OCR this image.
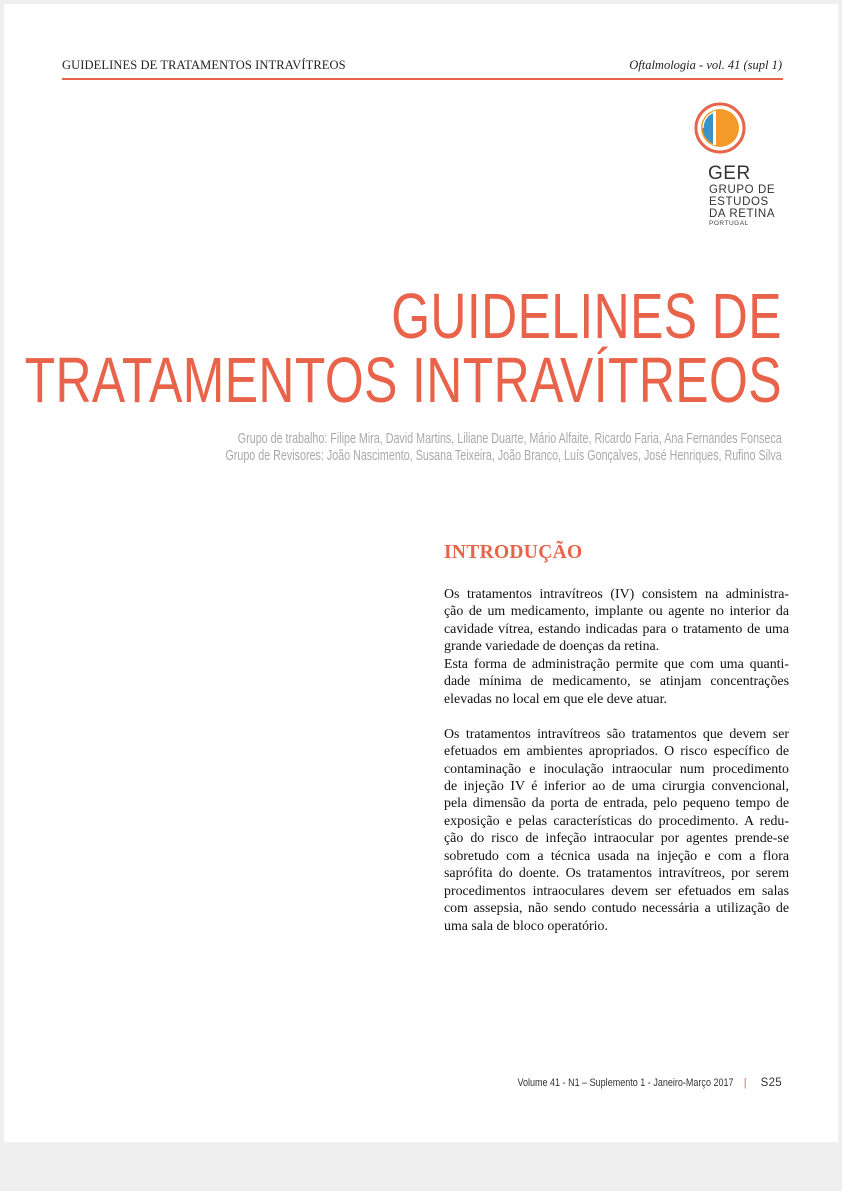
GUIDELINES DE TRATAMENTOS INTRAVÍTREOS	Oftalmologia - vol. 41 (supl 1)
GER
GRUPO DE
ESTUDOS
DA RETINA
PORTUGAL
GUIDELINES DE
TRATAMENTOS INTRAVÍTREOS
Grupo de trabalho: Filipe Mira, David Martins, Liliane Duarte, Mário Alfaite, Ricardo Faria, Ana Fernandes Fonseca
Grupo de Revisores: João Nascimento, Susana Teixeira, João Branco, Luís Gonçalves, José Henriques, Rufino Silva
INTRODUÇÃO
Os tratamentos intravítreos (IV) consistem na administra-
ção de um medicamento, implante ou agente no interior da
cavidade vítrea, estando indicadas para o tratamento de uma
grande variedade de doenças da retina.
Esta forma de administração permite que com uma quanti-
dade mínima de medicamento, se atinjam concentrações
elevadas no local em que ele deve atuar.
Os tratamentos intravítreos são tratamentos que devem ser
efetuados em ambientes apropriados. O risco específico de
contaminação e inoculação intraocular num procedimento
de injeção IV é inferior ao de uma cirurgia convencional,
pela dimensão da porta de entrada, pelo pequeno tempo de
exposição e pelas características do procedimento. A redu-
ção do risco de infeção intraocular por agentes prende-se
sobretudo com a técnica usada na injeção e com a flora
saprófita do doente. Os tratamentos intravítreos, por serem
procedimentos intraoculares devem ser efetuados em salas
com assepsia, não sendo contudo necessária a utilização de
uma sala de bloco operatório.
Volume 41 - N1 – Suplemento 1 - Janeiro-Março 2017 | S25
